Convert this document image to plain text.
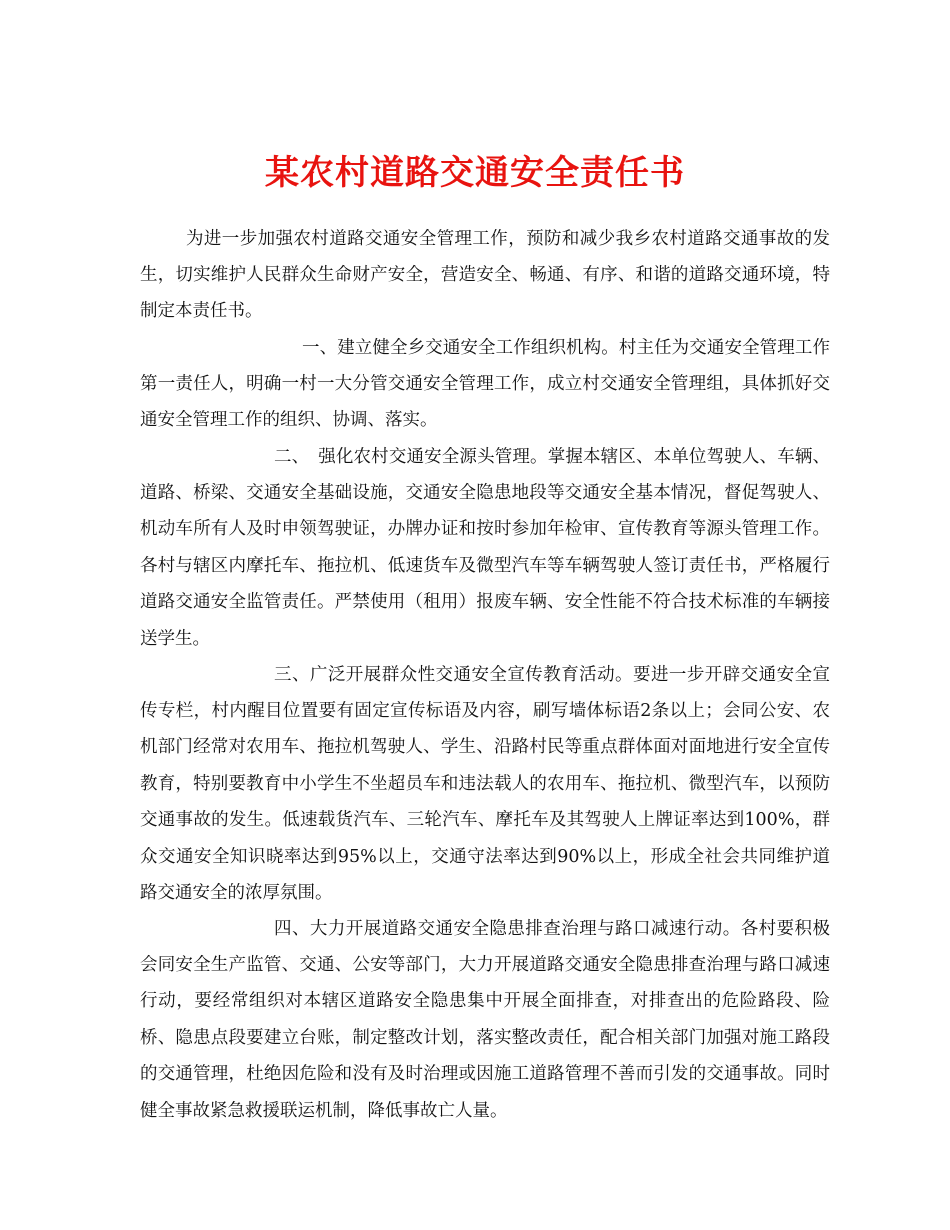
某农村道路交通安全责任书

为进一步加强农村道路交通安全管理工作，预防和减少我乡农村道路交通事故的发生，切实维护人民群众生命财产安全，营造安全、畅通、有序、和谐的道路交通环境，特制定本责任书。

一、建立健全乡交通安全工作组织机构。村主任为交通安全管理工作第一责任人，明确一村一大分管交通安全管理工作，成立村交通安全管理组，具体抓好交通安全管理工作的组织、协调、落实。

二、　强化农村交通安全源头管理。掌握本辖区、本单位驾驶人、车辆、道路、桥梁、交通安全基础设施，交通安全隐患地段等交通安全基本情况，督促驾驶人、机动车所有人及时申领驾驶证，办牌办证和按时参加年检审、宣传教育等源头管理工作。各村与辖区内摩托车、拖拉机、低速货车及微型汽车等车辆驾驶人签订责任书，严格履行道路交通安全监管责任。严禁使用（租用）报废车辆、安全性能不符合技术标准的车辆接送学生。

三、广泛开展群众性交通安全宣传教育活动。要进一步开辟交通安全宣传专栏，村内醒目位置要有固定宣传标语及内容，刷写墙体标语2条以上；会同公安、农机部门经常对农用车、拖拉机驾驶人、学生、沿路村民等重点群体面对面地进行安全宣传教育，特别要教育中小学生不坐超员车和违法载人的农用车、拖拉机、微型汽车，以预防交通事故的发生。低速载货汽车、三轮汽车、摩托车及其驾驶人上牌证率达到100%，群众交通安全知识晓率达到95%以上，交通守法率达到90%以上，形成全社会共同维护道路交通安全的浓厚氛围。

四、大力开展道路交通安全隐患排查治理与路口减速行动。各村要积极会同安全生产监管、交通、公安等部门，大力开展道路交通安全隐患排查治理与路口减速行动，要经常组织对本辖区道路安全隐患集中开展全面排查，对排查出的危险路段、险桥、隐患点段要建立台账，制定整改计划，落实整改责任，配合相关部门加强对施工路段的交通管理，杜绝因危险和没有及时治理或因施工道路管理不善而引发的交通事故。同时健全事故紧急救援联运机制，降低事故亡人量。
